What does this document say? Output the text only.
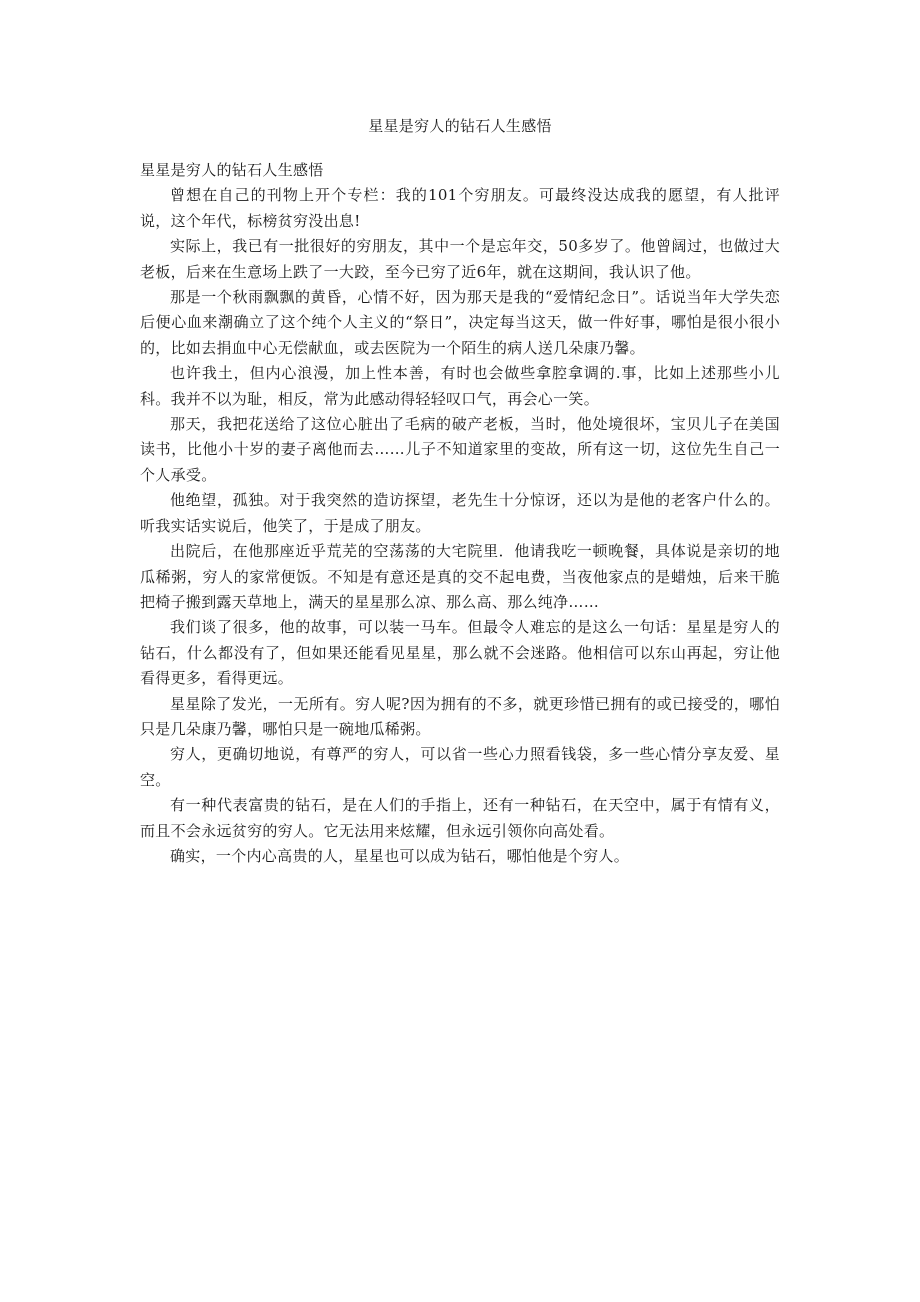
星星是穷人的钻石人生感悟

星星是穷人的钻石人生感悟

曾想在自己的刊物上开个专栏：我的101个穷朋友。可最终没达成我的愿望，有人批评说，这个年代，标榜贫穷没出息!

实际上，我已有一批很好的穷朋友，其中一个是忘年交，50多岁了。他曾阔过，也做过大老板，后来在生意场上跌了一大跤，至今已穷了近6年，就在这期间，我认识了他。

那是一个秋雨飘飘的黄昏，心情不好，因为那天是我的“爱情纪念日”。话说当年大学失恋后便心血来潮确立了这个纯个人主义的“祭日”，决定每当这天，做一件好事，哪怕是很小很小的，比如去捐血中心无偿献血，或去医院为一个陌生的病人送几朵康乃馨。

也许我土，但内心浪漫，加上性本善，有时也会做些拿腔拿调的.事，比如上述那些小儿科。我并不以为耻，相反，常为此感动得轻轻叹口气，再会心一笑。

那天，我把花送给了这位心脏出了毛病的破产老板，当时，他处境很坏，宝贝儿子在美国读书，比他小十岁的妻子离他而去……儿子不知道家里的变故，所有这一切，这位先生自己一个人承受。

他绝望，孤独。对于我突然的造访探望，老先生十分惊讶，还以为是他的老客户什么的。听我实话实说后，他笑了，于是成了朋友。

出院后，在他那座近乎荒芜的空荡荡的大宅院里．他请我吃一顿晚餐，具体说是亲切的地瓜稀粥，穷人的家常便饭。不知是有意还是真的交不起电费，当夜他家点的是蜡烛，后来干脆把椅子搬到露天草地上，满天的星星那么凉、那么高、那么纯净……

我们谈了很多，他的故事，可以装一马车。但最令人难忘的是这么一句话：星星是穷人的钻石，什么都没有了，但如果还能看见星星，那么就不会迷路。他相信可以东山再起，穷让他看得更多，看得更远。

星星除了发光，一无所有。穷人呢?因为拥有的不多，就更珍惜已拥有的或已接受的，哪怕只是几朵康乃馨，哪怕只是一碗地瓜稀粥。

穷人，更确切地说，有尊严的穷人，可以省一些心力照看钱袋，多一些心情分享友爱、星空。

有一种代表富贵的钻石，是在人们的手指上，还有一种钻石，在天空中，属于有情有义，而且不会永远贫穷的穷人。它无法用来炫耀，但永远引领你向高处看。

确实，一个内心高贵的人，星星也可以成为钻石，哪怕他是个穷人。
